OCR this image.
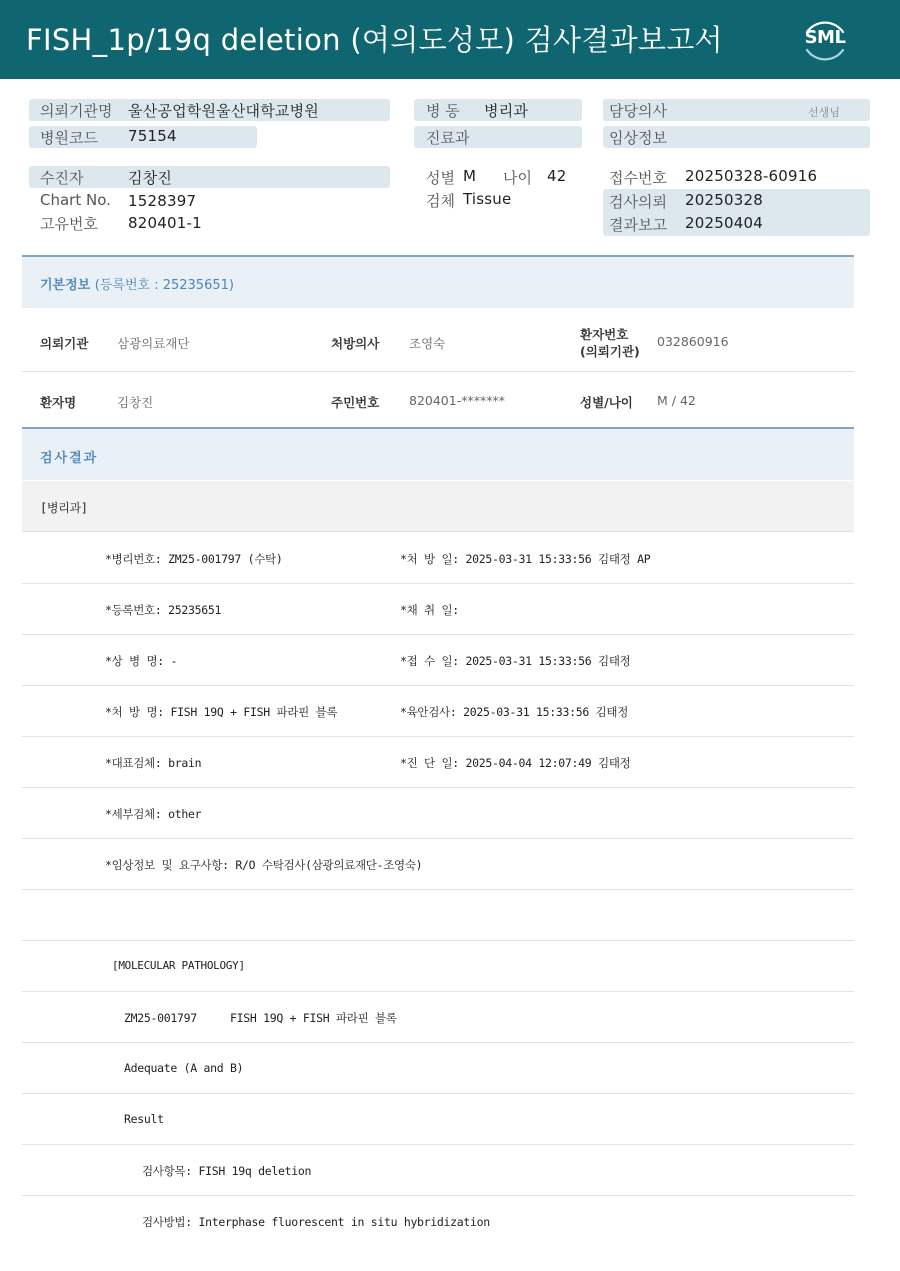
FISH_1p/19q deletion (여의도성모) 검사결과보고서	SML
의뢰기관명 울산공업학원울산대학교병원
병원코드 75154
수진자	김창진
Chart No. 1528397
고유번호 820401-1
병 동 병리과
진료과
성별 M 나이 42
검체 Tissue
담당의사	선생님
임상정보
접수번호 20250328-60916
검사의뢰 20250328
결과보고 20250404
기본정보 (등록번호 : 25235651)
의뢰기관 삼광의료재단	처방의사 조영숙
환자번호
(의뢰기관)
032860916
환자명	김창진	주민번호 820401-*******	성별/나이 M / 42
검사결과
[병리과]
*병리번호: ZM25-001797 (수탁)	*처 방 일: 2025-03-31 15:33:56 김태정 AP
*등록번호: 25235651	*채 취 일:
*상 병 명: -	*접 수 일: 2025-03-31 15:33:56 김태정
*처 방 명: FISH 19Q + FISH 파라핀 블록	*육안검사: 2025-03-31 15:33:56 김태정
*대표검체: brain	*진 단 일: 2025-04-04 12:07:49 김태정
*세부검체: other
*임상정보 및 요구사항: R/O 수탁검사(삼광의료재단-조영숙)
[MOLECULAR PATHOLOGY]
ZM25-001797     FISH 19Q + FISH 파라핀 블록
Adequate (A and B)
Result
검사항목: FISH 19q deletion
검사방법: Interphase fluorescent in situ hybridization
